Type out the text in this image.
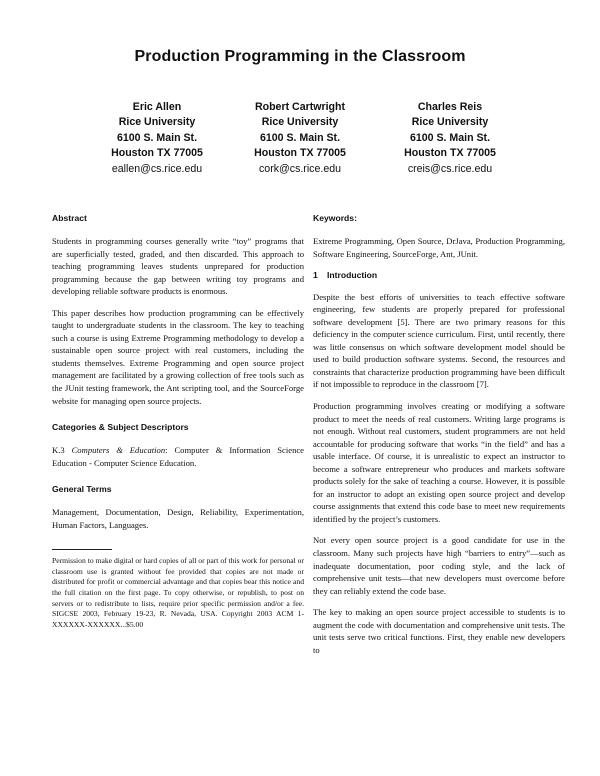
Production Programming in the Classroom
Eric Allen
Rice University
6100 S. Main St.
Houston TX 77005
eallen@cs.rice.edu
Robert Cartwright
Rice University
6100 S. Main St.
Houston TX 77005
cork@cs.rice.edu
Charles Reis
Rice University
6100 S. Main St.
Houston TX 77005
creis@cs.rice.edu
Abstract

Students in programming courses generally write “toy” programs that are superficially tested, graded, and then discarded. This approach to teaching programming leaves students unprepared for production programming because the gap between writing toy programs and developing reliable software products is enormous.

This paper describes how production programming can be effectively taught to undergraduate students in the classroom. The key to teaching such a course is using Extreme Programming methodology to develop a sustainable open source project with real customers, including the students themselves. Extreme Programming and open source project management are facilitated by a growing collection of free tools such as the JUnit testing framework, the Ant scripting tool, and the SourceForge website for managing open source projects.

Categories & Subject Descriptors

K.3 Computers & Education: Computer & Information Science Education - Computer Science Education.

General Terms

Management, Documentation, Design, Reliability, Experimentation, Human Factors, Languages.

Permission to make digital or hard copies of all or part of this work for personal or classroom use is granted without fee provided that copies are not made or distributed for profit or commercial advantage and that copies bear this notice and the full citation on the first page. To copy otherwise, or republish, to post on servers or to redistribute to lists, require prior specific permission and/or a fee. SIGCSE 2003, February 19-23, R. Nevada, USA. Copyright 2003 ACM 1-XXXXXX-XXXXXX...$5.00
Keywords:

Extreme Programming, Open Source, DrJava, Production Programming, Software Engineering, SourceForge, Ant, JUnit.

1 Introduction

Despite the best efforts of universities to teach effective software engineering, few students are properly prepared for professional software development [5]. There are two primary reasons for this deficiency in the computer science curriculum. First, until recently, there was little consensus on which software development model should be used to build production software systems. Second, the resources and constraints that characterize production programming have been difficult if not impossible to reproduce in the classroom [7].

Production programming involves creating or modifying a software product to meet the needs of real customers. Writing large programs is not enough. Without real customers, student programmers are not held accountable for producing software that works “in the field” and has a usable interface. Of course, it is unrealistic to expect an instructor to become a software entrepreneur who produces and markets software products solely for the sake of teaching a course. However, it is possible for an instructor to adopt an existing open source project and develop course assignments that extend this code base to meet new requirements identified by the project’s customers.

Not every open source project is a good candidate for use in the classroom. Many such projects have high “barriers to entry”—such as inadequate documentation, poor coding style, and the lack of comprehensive unit tests—that new developers must overcome before they can reliably extend the code base.

The key to making an open source project accessible to students is to augment the code with documentation and comprehensive unit tests. The unit tests serve two critical functions. First, they enable new developers to
